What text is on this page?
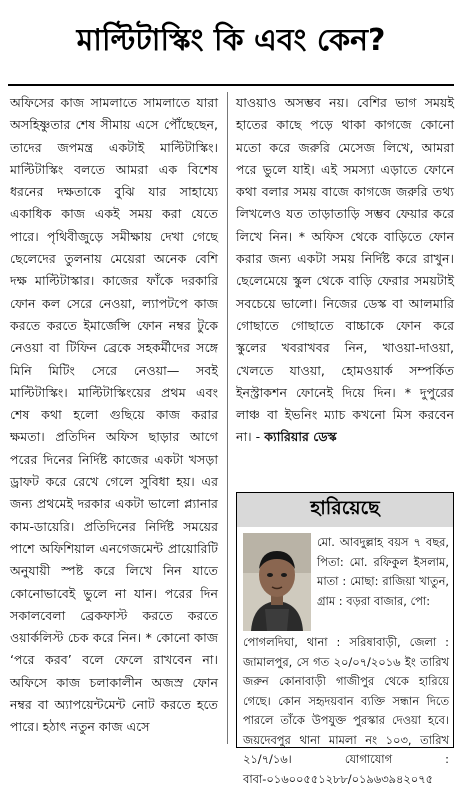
মাল্টিটাস্কিং কি এবং কেন?
অফিসের কাজ সামলাতে সামলাতে যারা অসহিষ্ণুতার শেষ সীমায় এসে পৌঁছেছেন, তাদের জপমন্ত্র একটাই মাল্টিটাস্কিং। মাল্টিটাস্কিং বলতে আমরা এক বিশেষ ধরনের দক্ষতাকে বুঝি যার সাহায্যে একাধিক কাজ একই সময় করা যেতে পারে। পৃথিবীজুড়ে সমীক্ষায় দেখা গেছে ছেলেদের তুলনায় মেয়েরা অনেক বেশি দক্ষ মাল্টিটাস্কার। কাজের ফাঁকে দরকারি ফোন কল সেরে নেওয়া, ল্যাপটপে কাজ করতে করতে ইমার্জেন্সি ফোন নম্বর টুকে নেওয়া বা টিফিন ব্রেকে সহকর্মীদের সঙ্গে মিনি মিটিং সেরে নেওয়া— সবই মাল্টিটাস্কিং। মাল্টিটাস্কিংয়ের প্রথম এবং শেষ কথা হলো গুছিয়ে কাজ করার ক্ষমতা। প্রতিদিন অফিস ছাড়ার আগে পরের দিনের নির্দিষ্ট কাজের একটা খসড়া ড্রাফট করে রেখে গেলে সুবিধা হয়। এর জন্য প্রথমেই দরকার একটা ভালো প্ল্যানার কাম-ডায়েরি। প্রতিদিনের নির্দিষ্ট সময়ের পাশে অফিশিয়াল এনগেজমেন্ট প্রায়োরিটি অনুযায়ী স্পষ্ট করে লিখে নিন যাতে কোনোভাবেই ভুলে না যান। পরের দিন সকালবেলা ব্রেকফাস্ট করতে করতে ওয়ার্কলিস্ট চেক করে নিন। * কোনো কাজ ‘পরে করব’ বলে ফেলে রাখবেন না। অফিসে কাজ চলাকালীন অজস্র ফোন নম্বর বা অ্যাপয়েন্টমেন্ট নোট করতে হতে পারে। হঠাৎ নতুন কাজ এসে
যাওয়াও অসম্ভব নয়। বেশির ভাগ সময়ই হাতের কাছে পড়ে থাকা কাগজে কোনো মতো করে জরুরি মেসেজ লিখে, আমরা পরে ভুলে যাই। এই সমস্যা এড়াতে ফোনে কথা বলার সময় বাজে কাগজে জরুরি তথ্য লিখলেও যত তাড়াতাড়ি সম্ভব ফেয়ার করে লিখে নিন। * অফিস থেকে বাড়িতে ফোন করার জন্য একটা সময় নির্দিষ্ট করে রাখুন। ছেলেমেয়ে স্কুল থেকে বাড়ি ফেরার সময়টাই সবচেয়ে ভালো। নিজের ডেস্ক বা আলমারি গোছাতে গোছাতে বাচ্চাকে ফোন করে স্কুলের খবরাখবর নিন, খাওয়া-দাওয়া, খেলতে যাওয়া, হোমওয়ার্ক সম্পর্কিত ইনস্ট্রাকশন ফোনেই দিয়ে দিন। * দুপুরের লাঞ্চ বা ইভনিং ম্যাচ কখনো মিস করবেন না। - ক্যারিয়ার ডেস্ক
হারিয়েছে
মো. আবদুল্লাহ বয়স ৭ বছর, পিতা: মো. রফিকুল ইসলাম, মাতা : মোছা: রাজিয়া খাতুন, গ্রাম : বড়রা বাজার, পো:
পোগলদিঘা, থানা : সরিষাবাড়ী, জেলা : জামালপুর, সে গত ২০/০৭/২০১৬ ইং তারিখ জরুন কোনাবাড়ী গাজীপুর থেকে হারিয়ে গেছে। কোন সহৃদয়বান ব্যক্তি সন্ধান দিতে পারলে তাঁকে উপযুক্ত পুরস্কার দেওয়া হবে। জয়দেবপুর থানা মামলা নং ১০৩, তারিখ ২১/৭/১৬। যোগাযোগ : বাবা-০১৬০০৫৫১২৮৮/০১৯৬৩৯৪২০৭৫
